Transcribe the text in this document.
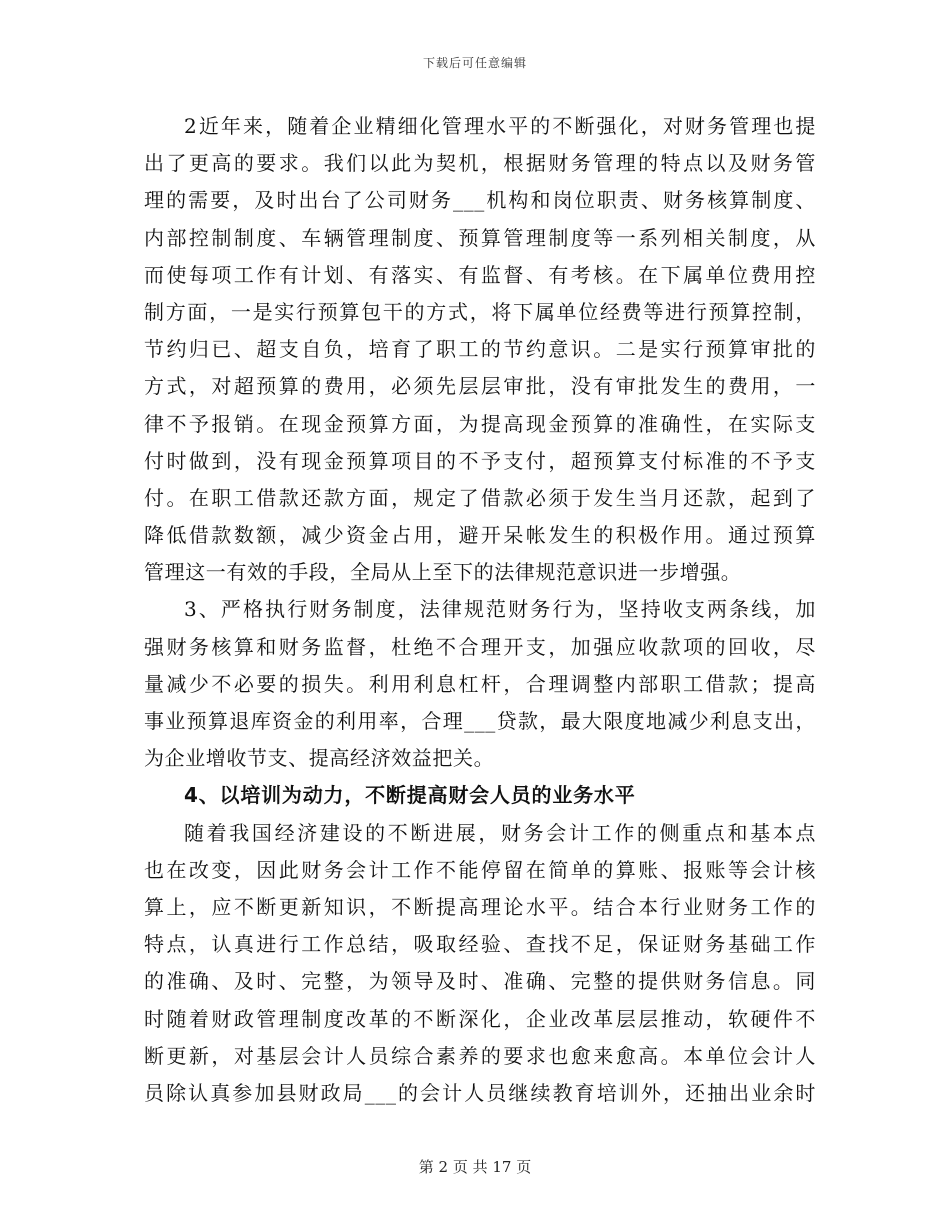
下载后可任意编辑
2近年来，随着企业精细化管理水平的不断强化，对财务管理也提
出了更高的要求。我们以此为契机，根据财务管理的特点以及财务管
理的需要，及时出台了公司财务___机构和岗位职责、财务核算制度、
内部控制制度、车辆管理制度、预算管理制度等一系列相关制度，从
而使每项工作有计划、有落实、有监督、有考核。在下属单位费用控
制方面，一是实行预算包干的方式，将下属单位经费等进行预算控制，
节约归已、超支自负，培育了职工的节约意识。二是实行预算审批的
方式，对超预算的费用，必须先层层审批，没有审批发生的费用，一
律不予报销。在现金预算方面，为提高现金预算的准确性，在实际支
付时做到，没有现金预算项目的不予支付，超预算支付标准的不予支
付。在职工借款还款方面，规定了借款必须于发生当月还款，起到了
降低借款数额，减少资金占用，避开呆帐发生的积极作用。通过预算
管理这一有效的手段，全局从上至下的法律规范意识进一步增强。
3、严格执行财务制度，法律规范财务行为，坚持收支两条线，加
强财务核算和财务监督，杜绝不合理开支，加强应收款项的回收，尽
量减少不必要的损失。利用利息杠杆，合理调整内部职工借款；提高
事业预算退库资金的利用率，合理___贷款，最大限度地减少利息支出，
为企业增收节支、提高经济效益把关。
4、以培训为动力，不断提高财会人员的业务水平
随着我国经济建设的不断进展，财务会计工作的侧重点和基本点
也在改变，因此财务会计工作不能停留在简单的算账、报账等会计核
算上，应不断更新知识，不断提高理论水平。结合本行业财务工作的
特点，认真进行工作总结，吸取经验、查找不足，保证财务基础工作
的准确、及时、完整，为领导及时、准确、完整的提供财务信息。同
时随着财政管理制度改革的不断深化，企业改革层层推动，软硬件不
断更新，对基层会计人员综合素养的要求也愈来愈高。本单位会计人
员除认真参加县财政局___的会计人员继续教育培训外，还抽出业余时
第 2 页 共 17 页
